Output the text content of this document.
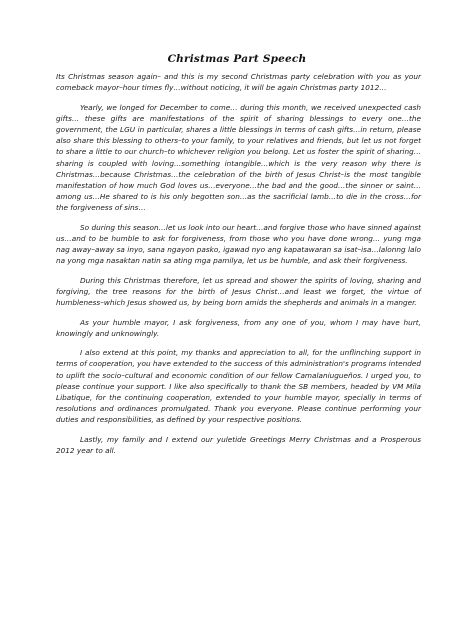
Christmas Part Speech

Its Christmas season again– and this is my second Christmas party celebration with you as your comeback mayor–hour times fly…without noticing, it will be again Christmas party 1012…

Yearly, we longed for December to come… during this month, we received unexpected cash gifts… these gifts are manifestations of the spirit of sharing blessings to every one…the government, the LGU in particular, shares a little blessings in terms of cash gifts…in return, please also share this blessing to others–to your family, to your relatives and friends, but let us not forget to share a little to our church–to whichever religion you belong. Let us foster the spirit of sharing…sharing is coupled with loving…something intangible…which is the very reason why there is Christmas…because Christmas…the celebration of the birth of Jesus Christ–is the most tangible manifestation of how much God loves us…everyone…the bad and the good…the sinner or saint…among us…He shared to is his only begotten son…as the sacrificial lamb…to die in the cross…for the forgiveness of sins…

So during this season…let us look into our heart…and forgive those who have sinned against us…and to be humble to ask for forgiveness, from those who you have done wrong… yung mga nag away–away sa inyo, sana ngayon pasko, igawad nyo ang kapatawaran sa isat–isa…lalonng lalo na yong mga nasaktan natin sa ating mga pamilya, let us be humble, and ask their forgiveness.

During this Christmas therefore, let us spread and shower the spirits of loving, sharing and forgiving, the tree reasons for the birth of Jesus Christ…and least we forget, the virtue of humbleness–which Jesus showed us, by being born amids the shepherds and animals in a manger.

As your humble mayor, I ask forgiveness, from any one of you, whom I may have hurt, knowingly and unknowingly.

I also extend at this point, my thanks and appreciation to all, for the unflinching support in terms of cooperation, you have extended to the success of this administration's programs intended to uplift the socio–cultural and economic condition of our fellow Camalaniugueños. I urged you, to please continue your support. I like also specifically to thank the SB members, headed by VM Mila Libatique, for the continuing cooperation, extended to your humble mayor, specially in terms of resolutions and ordinances promulgated. Thank you everyone. Please continue performing your duties and responsibilities, as defined by your respective positions.

Lastly, my family and I extend our yuletide Greetings Merry Christmas and a Prosperous 2012 year to all.
